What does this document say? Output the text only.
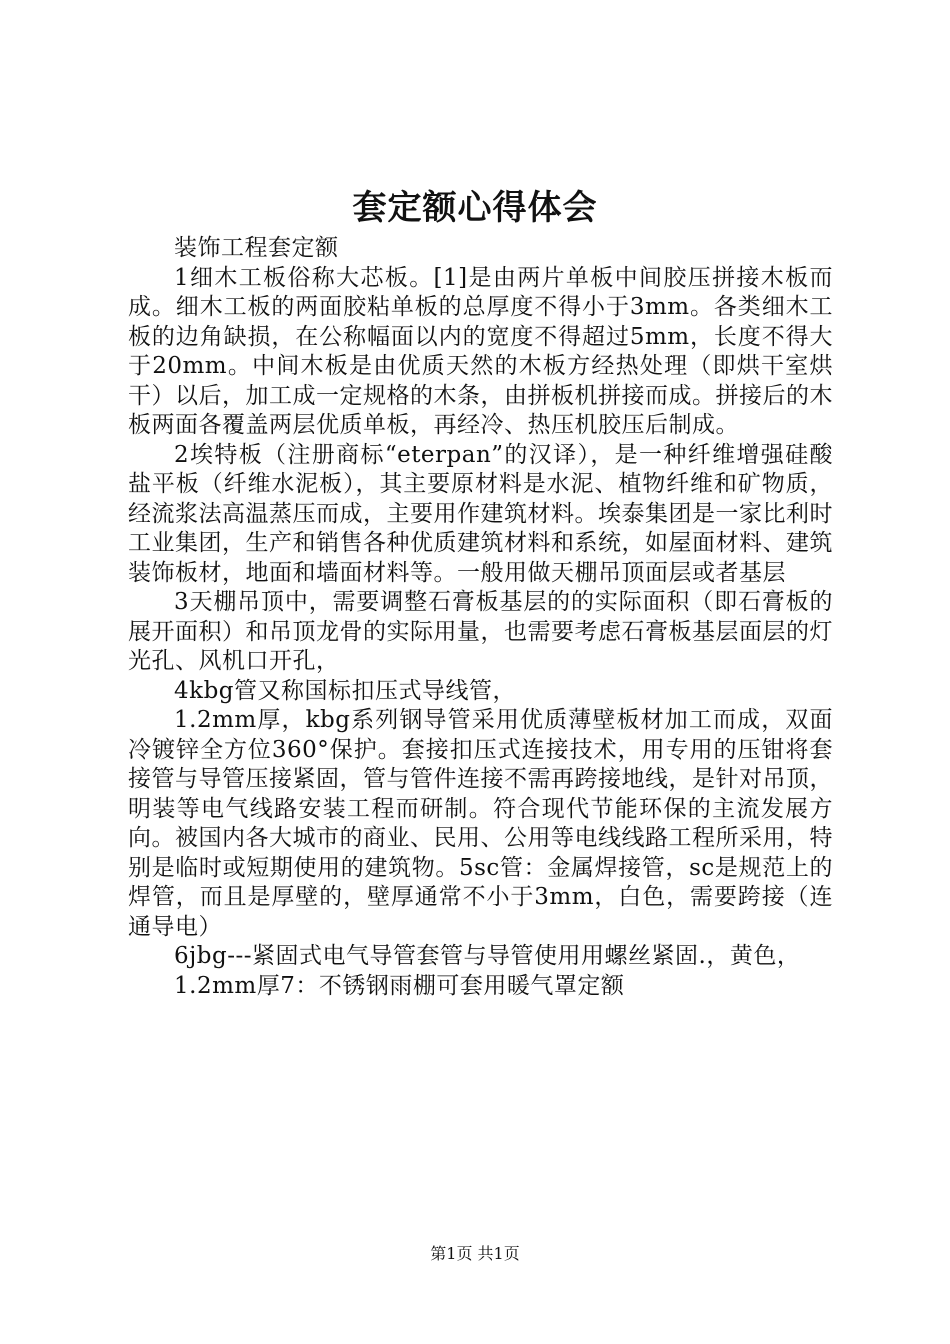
套定额心得体会

装饰工程套定额

1细木工板俗称大芯板。[1]是由两片单板中间胶压拼接木板而成。细木工板的两面胶粘单板的总厚度不得小于3mm。各类细木工板的边角缺损，在公称幅面以内的宽度不得超过5mm，长度不得大于20mm。中间木板是由优质天然的木板方经热处理（即烘干室烘干）以后，加工成一定规格的木条，由拼板机拼接而成。拼接后的木板两面各覆盖两层优质单板，再经冷、热压机胶压后制成。

2埃特板（注册商标“eterpan”的汉译），是一种纤维增强硅酸盐平板（纤维水泥板），其主要原材料是水泥、植物纤维和矿物质，经流浆法高温蒸压而成，主要用作建筑材料。埃泰集团是一家比利时工业集团，生产和销售各种优质建筑材料和系统，如屋面材料、建筑装饰板材，地面和墙面材料等。一般用做天棚吊顶面层或者基层

3天棚吊顶中，需要调整石膏板基层的的实际面积（即石膏板的展开面积）和吊顶龙骨的实际用量，也需要考虑石膏板基层面层的灯光孔、风机口开孔，

4kbg管又称国标扣压式导线管，

1.2mm厚，kbg系列钢导管采用优质薄壁板材加工而成，双面冷镀锌全方位360°保护。套接扣压式连接技术，用专用的压钳将套接管与导管压接紧固，管与管件连接不需再跨接地线，是针对吊顶，明装等电气线路安装工程而研制。符合现代节能环保的主流发展方向。被国内各大城市的商业、民用、公用等电线线路工程所采用，特别是临时或短期使用的建筑物。5sc管：金属焊接管，sc是规范上的焊管，而且是厚壁的，壁厚通常不小于3mm，白色，需要跨接（连通导电）

6jbg---紧固式电气导管套管与导管使用用螺丝紧固.，黄色，

1.2mm厚7：不锈钢雨棚可套用暖气罩定额

第1页 共1页
